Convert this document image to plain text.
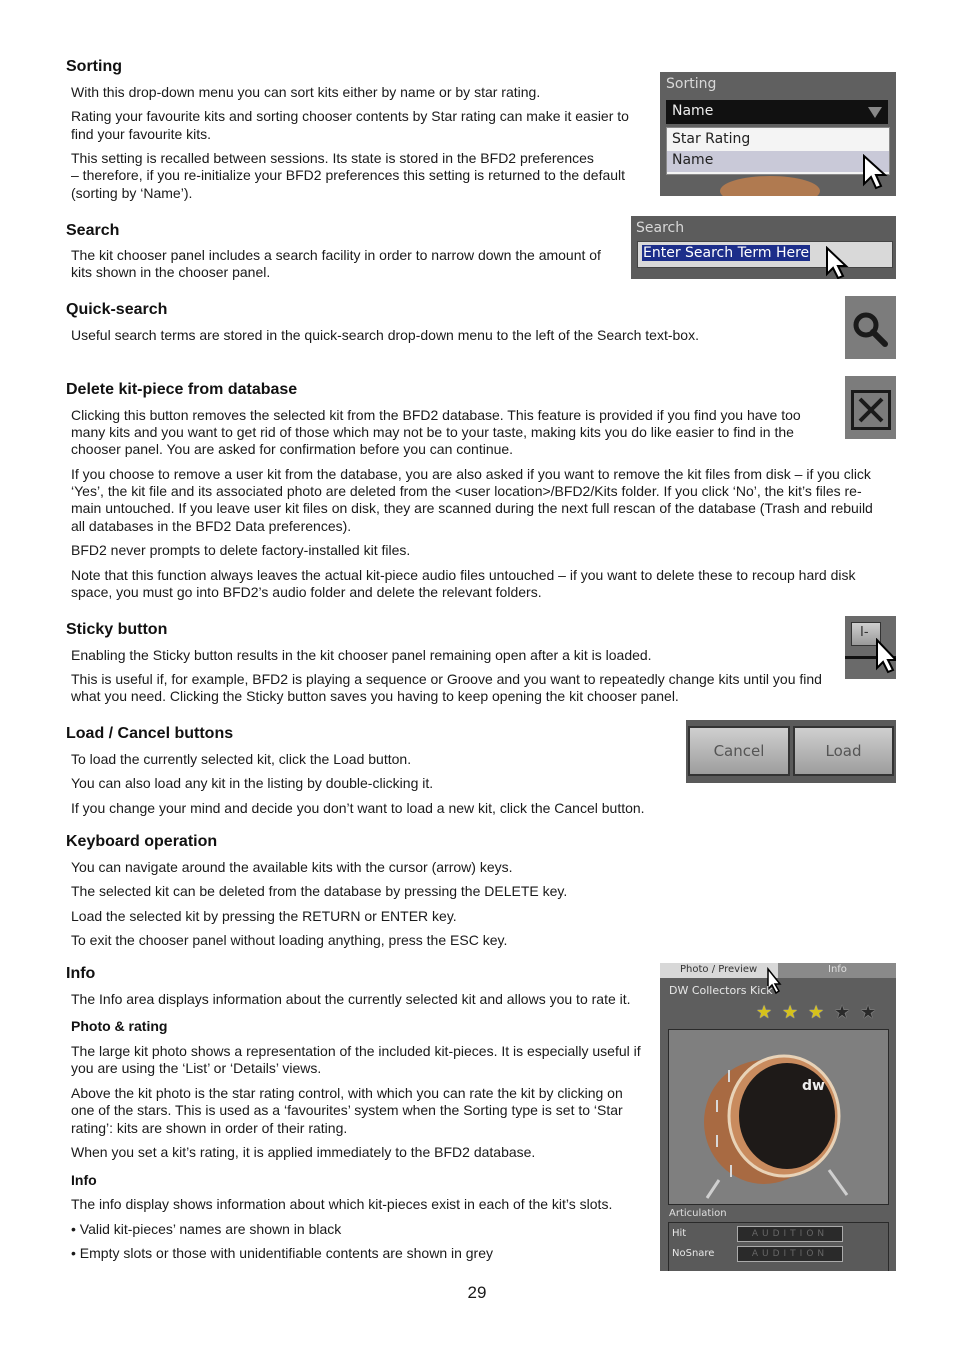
Sorting

With this drop-down menu you can sort kits either by name or by star rating.

Rating your favourite kits and sorting chooser contents by Star rating can make it easier to

find your favourite kits.

This setting is recalled between sessions. Its state is stored in the BFD2 preferences

– therefore, if you re-initialize your BFD2 preferences this setting is returned to the default

(sorting by ‘Name’).

Sorting
Name
Star Rating
Name
Search

The kit chooser panel includes a search facility in order to narrow down the amount of

kits shown in the chooser panel.

Search
Enter Search Term Here
Quick-search

Useful search terms are stored in the quick-search drop-down menu to the left of the Search text-box.

Delete kit-piece from database

Clicking this button removes the selected kit from the BFD2 database. This feature is provided if you find you have too

many kits and you want to get rid of those which may not be to your taste, making kits you do like easier to find in the

chooser panel. You are asked for confirmation before you can continue.

If you choose to remove a user kit from the database, you are also asked if you want to remove the kit files from disk – if you click

‘Yes’, the kit file and its associated photo are deleted from the <user location>/BFD2/Kits folder. If you click ‘No’, the kit’s files re-

main untouched. If you leave user kit files on disk, they are scanned during the next full rescan of the database (Trash and rebuild

all databases in the BFD2 Data preferences).

BFD2 never prompts to delete factory-installed kit files.

Note that this function always leaves the actual kit-piece audio files untouched – if you want to delete these to recoup hard disk

space, you must go into BFD2’s audio folder and delete the relevant folders.

Sticky button

Enabling the Sticky button results in the kit chooser panel remaining open after a kit is loaded.

This is useful if, for example, BFD2 is playing a sequence or Groove and you want to repeatedly change kits until you find

what you need. Clicking the Sticky button saves you having to keep opening the kit chooser panel.

I-
Load / Cancel buttons

To load the currently selected kit, click the Load button.

You can also load any kit in the listing by double-clicking it.

If you change your mind and decide you don’t want to load a new kit, click the Cancel button.

Cancel	Load
Keyboard operation

You can navigate around the available kits with the cursor (arrow) keys.

The selected kit can be deleted from the database by pressing the DELETE key.

Load the selected kit by pressing the RETURN or ENTER key.

To exit the chooser panel without loading anything, press the ESC key.

Info

The Info area displays information about the currently selected kit and allows you to rate it.

Photo & rating

The large kit photo shows a representation of the included kit-pieces. It is especially useful if

you are using the ‘List’ or ‘Details’ views.

Above the kit photo is the star rating control, with which you can rate the kit by clicking on

one of the stars. This is used as a ‘favourites’ system when the Sorting type is set to ‘Star

rating’: kits are shown in order of their rating.

When you set a kit’s rating, it is applied immediately to the BFD2 database.

Info

The info display shows information about which kit-pieces exist in each of the kit’s slots.

• Valid kit-pieces’ names are shown in black

• Empty slots or those with unidentifiable contents are shown in grey

Photo / Preview	Info
DW Collectors Kick
★ ★ ★ ★ ★
dw
Articulation
Hit	AUDITION
NoSnare	AUDITION
29
